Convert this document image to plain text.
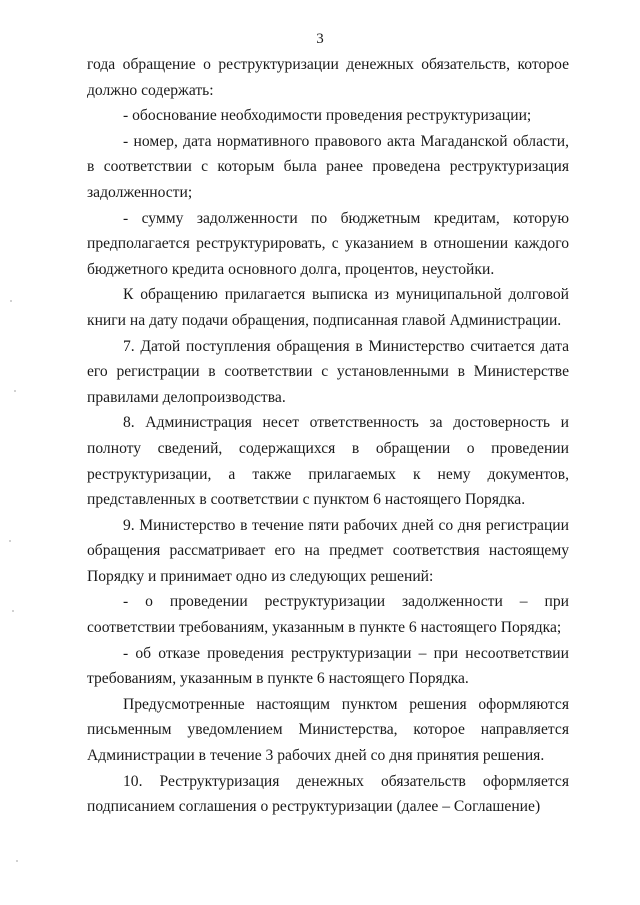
3

года обращение о реструктуризации денежных обязательств, которое должно содержать:

- обоснование необходимости проведения реструктуризации;

- номер, дата нормативного правового акта Магаданской области, в соответствии с которым была ранее проведена реструктуризация задолженности;

- сумму задолженности по бюджетным кредитам, которую предполагается реструктурировать, с указанием в отношении каждого бюджетного кредита основного долга, процентов, неустойки.

К обращению прилагается выписка из муниципальной долговой книги на дату подачи обращения, подписанная главой Администрации.

7. Датой поступления обращения в Министерство считается дата его регистрации в соответствии с установленными в Министерстве правилами делопроизводства.

8. Администрация несет ответственность за достоверность и полноту сведений, содержащихся в обращении о проведении реструктуризации, а также прилагаемых к нему документов, представленных в соответствии с пунктом 6 настоящего Порядка.

9. Министерство в течение пяти рабочих дней со дня регистрации обращения рассматривает его на предмет соответствия настоящему Порядку и принимает одно из следующих решений:

- о проведении реструктуризации задолженности – при соответствии требованиям, указанным в пункте 6 настоящего Порядка;

- об отказе проведения реструктуризации – при несоответствии требованиям, указанным в пункте 6 настоящего Порядка.

Предусмотренные настоящим пунктом решения оформляются письменным уведомлением Министерства, которое направляется Администрации в течение 3 рабочих дней со дня принятия решения.

10. Реструктуризация денежных обязательств оформляется подписанием соглашения о реструктуризации (далее – Соглашение)
